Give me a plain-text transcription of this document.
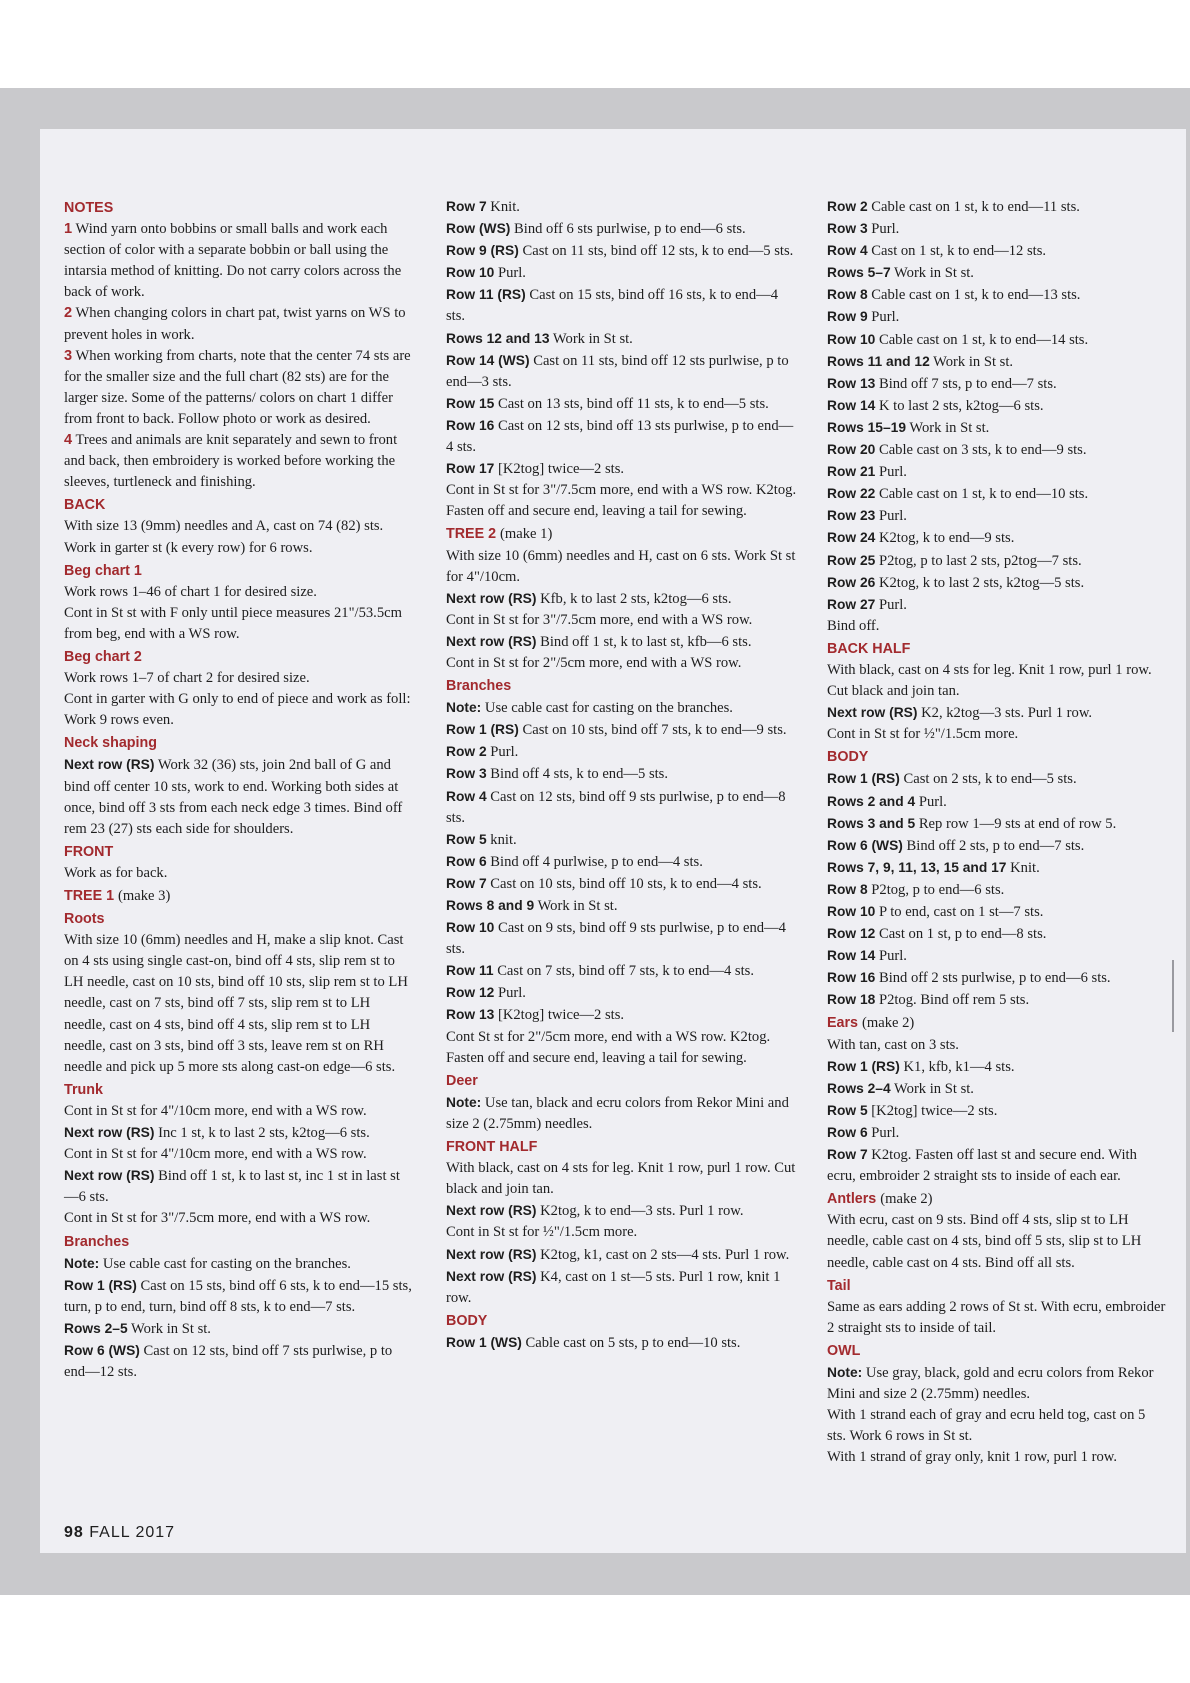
NOTES

1 Wind yarn onto bobbins or small balls and work each section of color with a separate bobbin or ball using the intarsia method of knitting. Do not carry colors across the back of work.

2 When changing colors in chart pat, twist yarns on WS to prevent holes in work.

3 When working from charts, note that the center 74 sts are for the smaller size and the full chart (82 sts) are for the larger size. Some of the patterns/ colors on chart 1 differ from front to back. Follow photo or work as desired.

4 Trees and animals are knit separately and sewn to front and back, then embroidery is worked before working the sleeves, turtleneck and finishing.

BACK

With size 13 (9mm) needles and A, cast on 74 (82) sts. Work in garter st (k every row) for 6 rows.

Beg chart 1

Work rows 1–46 of chart 1 for desired size.

Cont in St st with F only until piece measures 21"/53.5cm from beg, end with a WS row.

Beg chart 2

Work rows 1–7 of chart 2 for desired size.

Cont in garter with G only to end of piece and work as foll: Work 9 rows even.

Neck shaping

Next row (RS) Work 32 (36) sts, join 2nd ball of G and bind off center 10 sts, work to end. Working both sides at once, bind off 3 sts from each neck edge 3 times. Bind off rem 23 (27) sts each side for shoulders.

FRONT

Work as for back.

TREE 1 (make 3)
Roots

With size 10 (6mm) needles and H, make a slip knot. Cast on 4 sts using single cast-on, bind off 4 sts, slip rem st to LH needle, cast on 10 sts, bind off 10 sts, slip rem st to LH needle, cast on 7 sts, bind off 7 sts, slip rem st to LH needle, cast on 4 sts, bind off 4 sts, slip rem st to LH needle, cast on 3 sts, bind off 3 sts, leave rem st on RH needle and pick up 5 more sts along cast-on edge—6 sts.

Trunk

Cont in St st for 4"/10cm more, end with a WS row.

Next row (RS) Inc 1 st, k to last 2 sts, k2tog—6 sts.

Cont in St st for 4"/10cm more, end with a WS row.

Next row (RS) Bind off 1 st, k to last st, inc 1 st in last st—6 sts.

Cont in St st for 3"/7.5cm more, end with a WS row.

Branches

Note: Use cable cast for casting on the branches.

Row 1 (RS) Cast on 15 sts, bind off 6 sts, k to end—15 sts, turn, p to end, turn, bind off 8 sts, k to end—7 sts.

Rows 2–5 Work in St st.

Row 6 (WS) Cast on 12 sts, bind off 7 sts purlwise, p to end—12 sts.

Row 7 Knit.

Row (WS) Bind off 6 sts purlwise, p to end—6 sts.

Row 9 (RS) Cast on 11 sts, bind off 12 sts, k to end—5 sts.

Row 10 Purl.

Row 11 (RS) Cast on 15 sts, bind off 16 sts, k to end—4 sts.

Rows 12 and 13 Work in St st.

Row 14 (WS) Cast on 11 sts, bind off 12 sts purlwise, p to end—3 sts.

Row 15 Cast on 13 sts, bind off 11 sts, k to end—5 sts.

Row 16 Cast on 12 sts, bind off 13 sts purlwise, p to end—4 sts.

Row 17 [K2tog] twice—2 sts.

Cont in St st for 3"/7.5cm more, end with a WS row. K2tog. Fasten off and secure end, leaving a tail for sewing.

TREE 2 (make 1)

With size 10 (6mm) needles and H, cast on 6 sts. Work St st for 4"/10cm.

Next row (RS) Kfb, k to last 2 sts, k2tog—6 sts.

Cont in St st for 3"/7.5cm more, end with a WS row.

Next row (RS) Bind off 1 st, k to last st, kfb—6 sts.

Cont in St st for 2"/5cm more, end with a WS row.

Branches

Note: Use cable cast for casting on the branches.

Row 1 (RS) Cast on 10 sts, bind off 7 sts, k to end—9 sts.

Row 2 Purl.

Row 3 Bind off 4 sts, k to end—5 sts.

Row 4 Cast on 12 sts, bind off 9 sts purlwise, p to end—8 sts.

Row 5 knit.

Row 6 Bind off 4 purlwise, p to end—4 sts.

Row 7 Cast on 10 sts, bind off 10 sts, k to end—4 sts.

Rows 8 and 9 Work in St st.

Row 10 Cast on 9 sts, bind off 9 sts purlwise, p to end—4 sts.

Row 11 Cast on 7 sts, bind off 7 sts, k to end—4 sts.

Row 12 Purl.

Row 13 [K2tog] twice—2 sts.

Cont St st for 2"/5cm more, end with a WS row. K2tog. Fasten off and secure end, leaving a tail for sewing.

Deer

Note: Use tan, black and ecru colors from Rekor Mini and size 2 (2.75mm) needles.

FRONT HALF

With black, cast on 4 sts for leg. Knit 1 row, purl 1 row. Cut black and join tan.

Next row (RS) K2tog, k to end—3 sts. Purl 1 row.

Cont in St st for ½"/1.5cm more.

Next row (RS) K2tog, k1, cast on 2 sts—4 sts. Purl 1 row.

Next row (RS) K4, cast on 1 st—5 sts. Purl 1 row, knit 1 row.

BODY

Row 1 (WS) Cable cast on 5 sts, p to end—10 sts.

Row 2 Cable cast on 1 st, k to end—11 sts.

Row 3 Purl.

Row 4 Cast on 1 st, k to end—12 sts.

Rows 5–7 Work in St st.

Row 8 Cable cast on 1 st, k to end—13 sts.

Row 9 Purl.

Row 10 Cable cast on 1 st, k to end—14 sts.

Rows 11 and 12 Work in St st.

Row 13 Bind off 7 sts, p to end—7 sts.

Row 14 K to last 2 sts, k2tog—6 sts.

Rows 15–19 Work in St st.

Row 20 Cable cast on 3 sts, k to end—9 sts.

Row 21 Purl.

Row 22 Cable cast on 1 st, k to end—10 sts.

Row 23 Purl.

Row 24 K2tog, k to end—9 sts.

Row 25 P2tog, p to last 2 sts, p2tog—7 sts.

Row 26 K2tog, k to last 2 sts, k2tog—5 sts.

Row 27 Purl.

Bind off.

BACK HALF

With black, cast on 4 sts for leg. Knit 1 row, purl 1 row. Cut black and join tan.

Next row (RS) K2, k2tog—3 sts. Purl 1 row.

Cont in St st for ½"/1.5cm more.

BODY

Row 1 (RS) Cast on 2 sts, k to end—5 sts.

Rows 2 and 4 Purl.

Rows 3 and 5 Rep row 1—9 sts at end of row 5.

Row 6 (WS) Bind off 2 sts, p to end—7 sts.

Rows 7, 9, 11, 13, 15 and 17 Knit.

Row 8 P2tog, p to end—6 sts.

Row 10 P to end, cast on 1 st—7 sts.

Row 12 Cast on 1 st, p to end—8 sts.

Row 14 Purl.

Row 16 Bind off 2 sts purlwise, p to end—6 sts.

Row 18 P2tog. Bind off rem 5 sts.

Ears (make 2)

With tan, cast on 3 sts.

Row 1 (RS) K1, kfb, k1—4 sts.

Rows 2–4 Work in St st.

Row 5 [K2tog] twice—2 sts.

Row 6 Purl.

Row 7 K2tog. Fasten off last st and secure end. With ecru, embroider 2 straight sts to inside of each ear.

Antlers (make 2)

With ecru, cast on 9 sts. Bind off 4 sts, slip st to LH needle, cable cast on 4 sts, bind off 5 sts, slip st to LH needle, cable cast on 4 sts. Bind off all sts.

Tail

Same as ears adding 2 rows of St st. With ecru, embroider 2 straight sts to inside of tail.

OWL

Note: Use gray, black, gold and ecru colors from Rekor Mini and size 2 (2.75mm) needles.

With 1 strand each of gray and ecru held tog, cast on 5 sts. Work 6 rows in St st.

With 1 strand of gray only, knit 1 row, purl 1 row.

98 FALL 2017
